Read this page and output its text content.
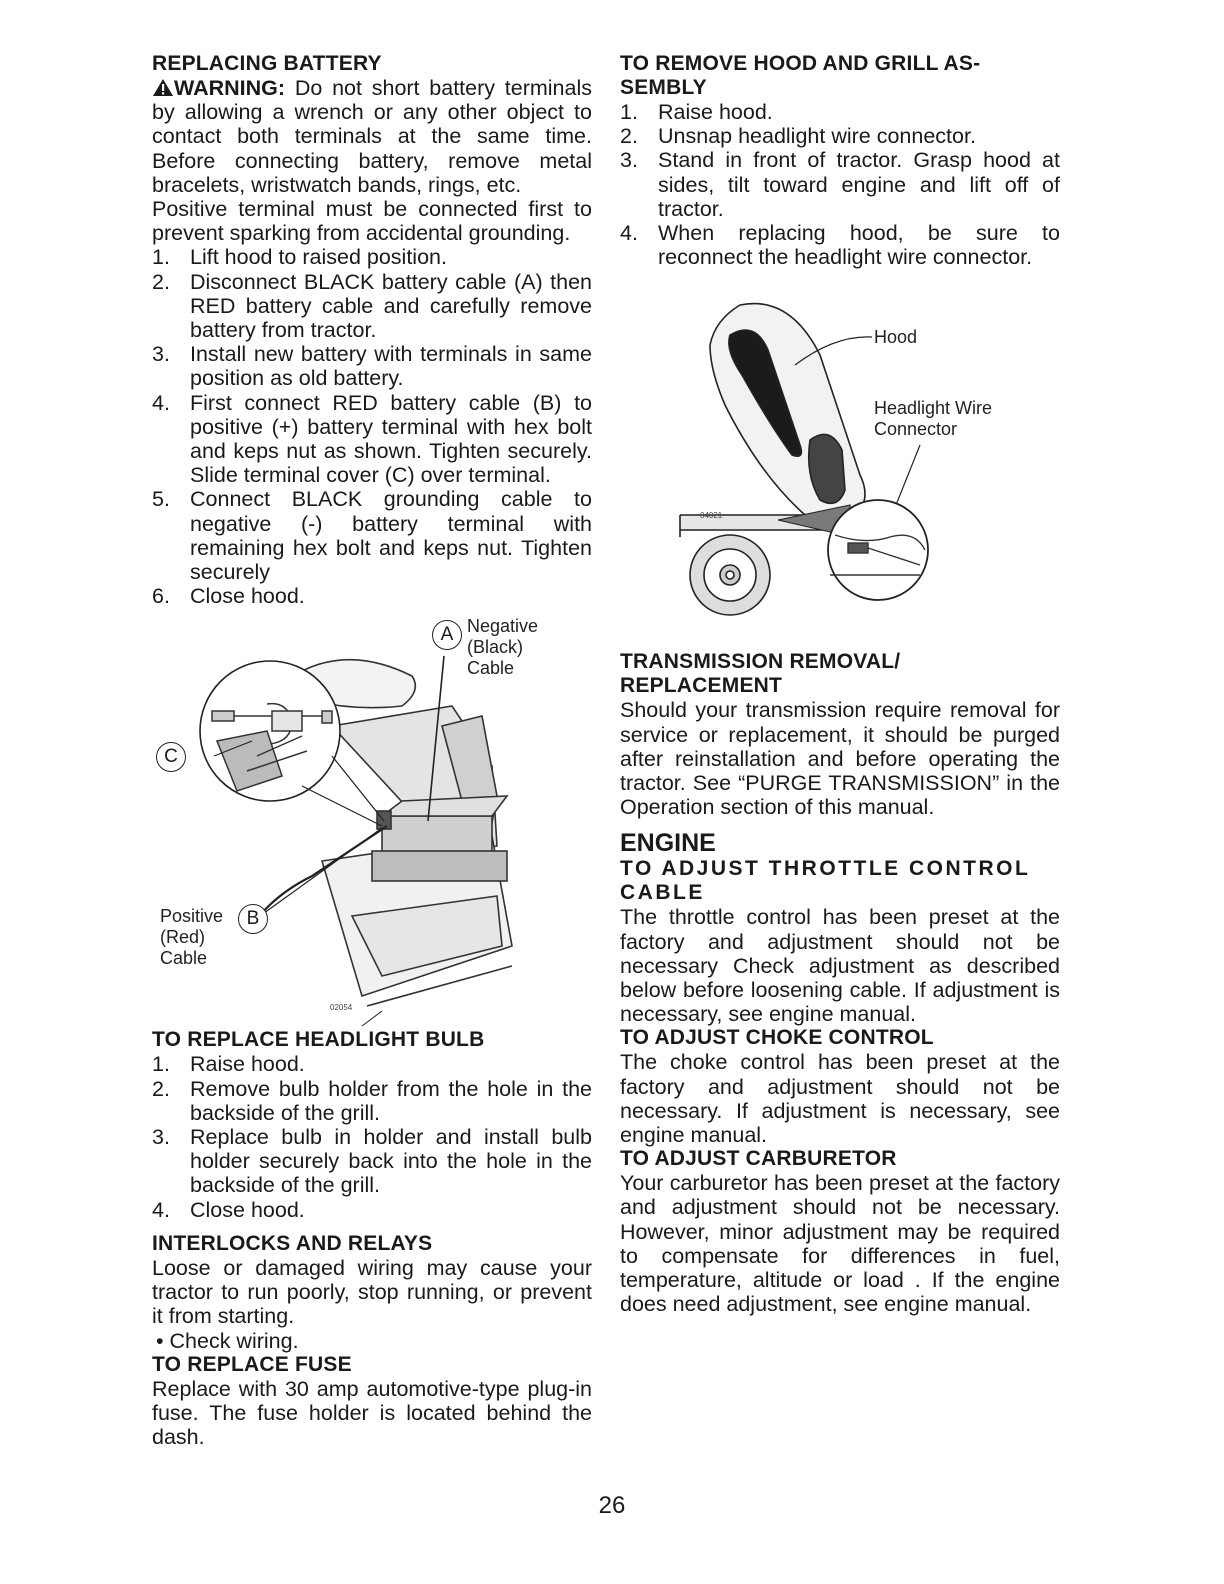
REPLACING BATTERY

WARNING: Do not short battery terminals by allowing a wrench or any other object to contact both terminals at the same time. Before connecting battery, remove metal bracelets, wristwatch bands, rings, etc.

Positive terminal must be connected first to prevent sparking from accidental grounding.

1. Lift hood to raised position.
2. Disconnect BLACK battery cable (A) then RED battery cable and carefully remove battery from tractor.
3. Install new battery with terminals in same position as old battery.
4. First connect RED battery cable (B) to positive (+) battery terminal with hex bolt and keps nut as shown. Tighten securely. Slide terminal cover (C) over terminal.
5. Connect BLACK grounding cable to negative (-) battery terminal with remaining hex bolt and keps nut. Tighten securely
6. Close hood.
A Negative
(Black)
Cable
C
B
Positive
(Red)
Cable
02054
TO REPLACE HEADLIGHT BULB
1. Raise hood.
2. Remove bulb holder from the hole in the backside of the grill.
3. Replace bulb in holder and install bulb holder securely back into the hole in the backside of the grill.
4. Close hood.
INTERLOCKS AND RELAYS

Loose or damaged wiring may cause your tractor to run poorly, stop running, or prevent it from starting.

• Check wiring.

TO REPLACE FUSE

Replace with 30 amp automotive-type plug-in fuse. The fuse holder is located behind the dash.

TO REMOVE HOOD AND GRILL AS-
SEMBLY
1. Raise hood.
2. Unsnap headlight wire connector.
3. Stand in front of tractor. Grasp hood at sides, tilt toward engine and lift off of tractor.
4. When replacing hood, be sure to reconnect the headlight wire connector.
Hood
Headlight Wire
Connector
04021
TRANSMISSION REMOVAL/
REPLACEMENT

Should your transmission require removal for service or replacement, it should be purged after reinstallation and before operating the tractor. See “PURGE TRANSMISSION” in the Operation section of this manual.

ENGINE
TO ADJUST THROTTLE CONTROL
CABLE

The throttle control has been preset at the factory and adjustment should not be necessary Check adjustment as described below before loosening cable. If adjustment is necessary, see engine manual.

TO ADJUST CHOKE CONTROL

The choke control has been preset at the factory and adjustment should not be necessary. If adjustment is necessary, see engine manual.

TO ADJUST CARBURETOR

Your carburetor has been preset at the factory and adjustment should not be necessary. However, minor adjustment may be required to compensate for differences in fuel, temperature, altitude or load . If the engine does need adjustment, see engine manual.

26
